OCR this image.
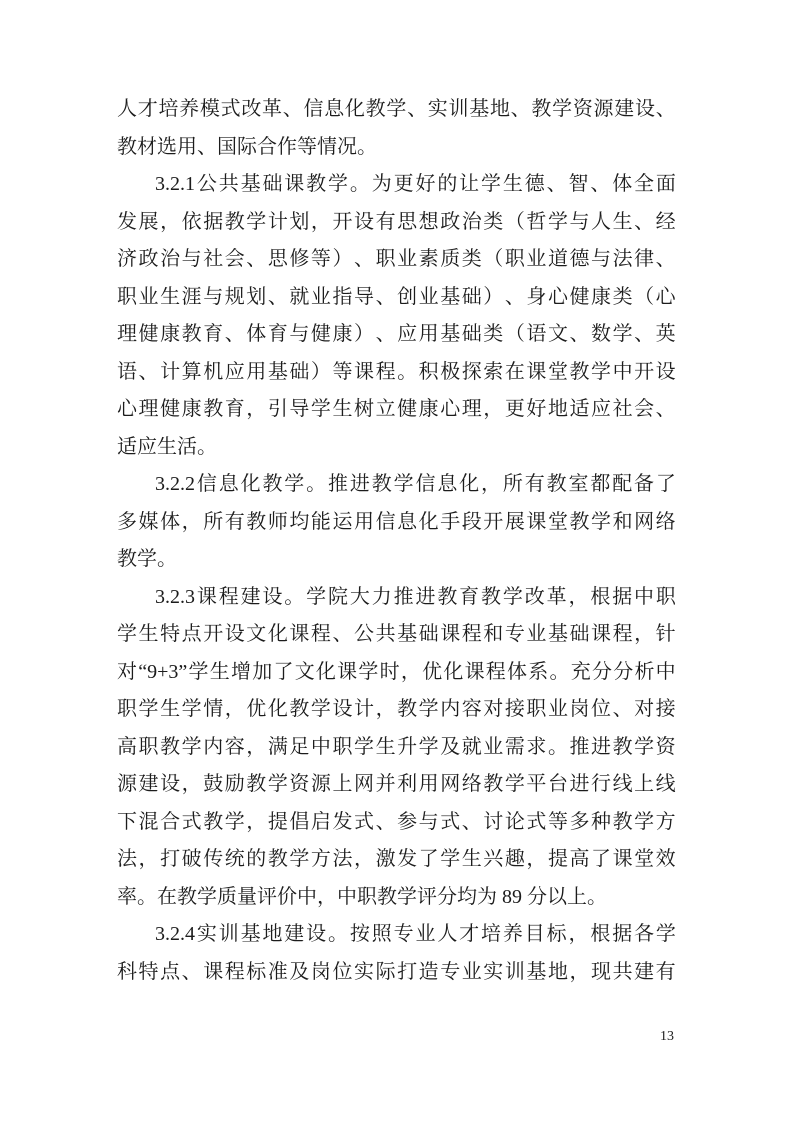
人 才 培 养 模 式 改 革 、 信 息 化 教 学 、 实 训 基 地 、 教 学 资 源 建 设 、
教材选用、国际合作等情况。
3.2.1 公 共 基 础 课 教 学 。 为 更 好 的 让 学 生 德 、 智 、 体 全 面
发 展 ， 依 据 教 学 计 划 ， 开 设 有 思 想 政 治 类 （ 哲 学 与 人 生 、 经
济 政 治 与 社 会 、 思 修 等 ） 、 职 业 素 质 类 （ 职 业 道 德 与 法 律 、
职 业 生 涯 与 规 划 、 就 业 指 导 、 创 业 基 础 ） 、 身 心 健 康 类 （ 心
理 健 康 教 育 、 体 育 与 健 康 ） 、 应 用 基 础 类 （ 语 文 、 数 学 、 英
语 、 计 算 机 应 用 基 础 ） 等 课 程 。 积 极 探 索 在 课 堂 教 学 中 开 设
心 理 健 康 教 育 ， 引 导 学 生 树 立 健 康 心 理 ， 更 好 地 适 应 社 会 、
适应生活。
3.2.2 信 息 化 教 学 。 推 进 教 学 信 息 化 ， 所 有 教 室 都 配 备 了
多 媒 体 ， 所 有 教 师 均 能 运 用 信 息 化 手 段 开 展 课 堂 教 学 和 网 络
教学。
3.2.3 课 程 建 设 。 学 院 大 力 推 进 教 育 教 学 改 革 ， 根 据 中 职
学 生 特 点 开 设 文 化 课 程 、 公 共 基 础 课 程 和 专 业 基 础 课 程 ， 针
对 “9+3” 学 生 增 加 了 文 化 课 学 时 ， 优 化 课 程 体 系 。 充 分 分 析 中
职 学 生 学 情 ， 优 化 教 学 设 计 ， 教 学 内 容 对 接 职 业 岗 位 、 对 接
高 职 教 学 内 容 ， 满 足 中 职 学 生 升 学 及 就 业 需 求 。 推 进 教 学 资
源 建 设 ， 鼓 励 教 学 资 源 上 网 并 利 用 网 络 教 学 平 台 进 行 线 上 线
下 混 合 式 教 学 ， 提 倡 启 发 式 、 参 与 式 、 讨 论 式 等 多 种 教 学 方
法 ， 打 破 传 统 的 教 学 方 法 ， 激 发 了 学 生 兴 趣 ， 提 高 了 课 堂 效
率。在教学质量评价中，中职教学评分均为 89 分以上。
3.2.4 实 训 基 地 建 设 。 按 照 专 业 人 才 培 养 目 标 ， 根 据 各 学
科 特 点 、 课 程 标 准 及 岗 位 实 际 打 造 专 业 实 训 基 地 ， 现 共 建 有
13
